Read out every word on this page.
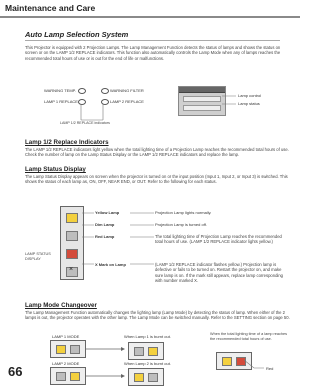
Maintenance and Care
Auto Lamp Selection System
This Projector is equipped with 2 Projection Lamps. The Lamp Management Function detects the status of lamps and shows the status on screen or on the LAMP 1/2 REPLACE indicators. This function also automatically controls the Lamp Mode when any of lamps reaches the recommended total hours of use or is out for the end of life or malfunctions.
WARNING TEMP.	WARNING FILTER
LAMP 1 REPLACE	LAMP 2 REPLACE
LAMP 1/2 REPLACE indicators
Lamp control
Lamp status
Lamp 1/2 Replace Indicators
The LAMP 1/2 REPLACE indicators light yellow when the total lighting time of a Projection Lamp reaches the recommended total hours of use. Check the number of lamp on the Lamp Status Display or the LAMP 1/2 REPLACE indicators and replace the lamp.
Lamp Status Display
The Lamp Status Display appears on screen when the projector is turned on or the input position (Input 1, Input 2, or Input 3) is switched. This shows the status of each lamp as, ON, OFF, NEAR END, or OUT. Refer to the following for each status.
×
LAMP STATUS DISPLAY
Yellow Lamp	Projection Lamp lights normally.
Dim Lamp	Projection Lamp is turned off.
Red Lamp	The total lighting time of Projection Lamp reaches the recommended total hours of use. (LAMP 1/2 REPLACE indicator lights yellow.)
X Mark on Lamp	(LAMP 1/2 REPLACE indicator flashes yellow.) Projection lamp is defective or fails to be turned on. Restart the projector on, and make sure lamp is on. If the mark still appears, replace lamp corresponding with number marked X.
Lamp Mode Changeover
The Lamp Management Function automatically changes the lighting lamp (Lamp Mode) by detecting the status of lamp. When either of the 2 lamps is out, the projector operates with the other lamp. The Lamp Mode can be switched manually. Refer to the SETTING section on page 50.
LAMP 1 MODE
LAMP 2 MODE
When Lamp 1 is burnt out.
When Lamp 2 is burnt out.
When the total lighting time of a lamp reaches the recommended total hours of use.
Red
66
